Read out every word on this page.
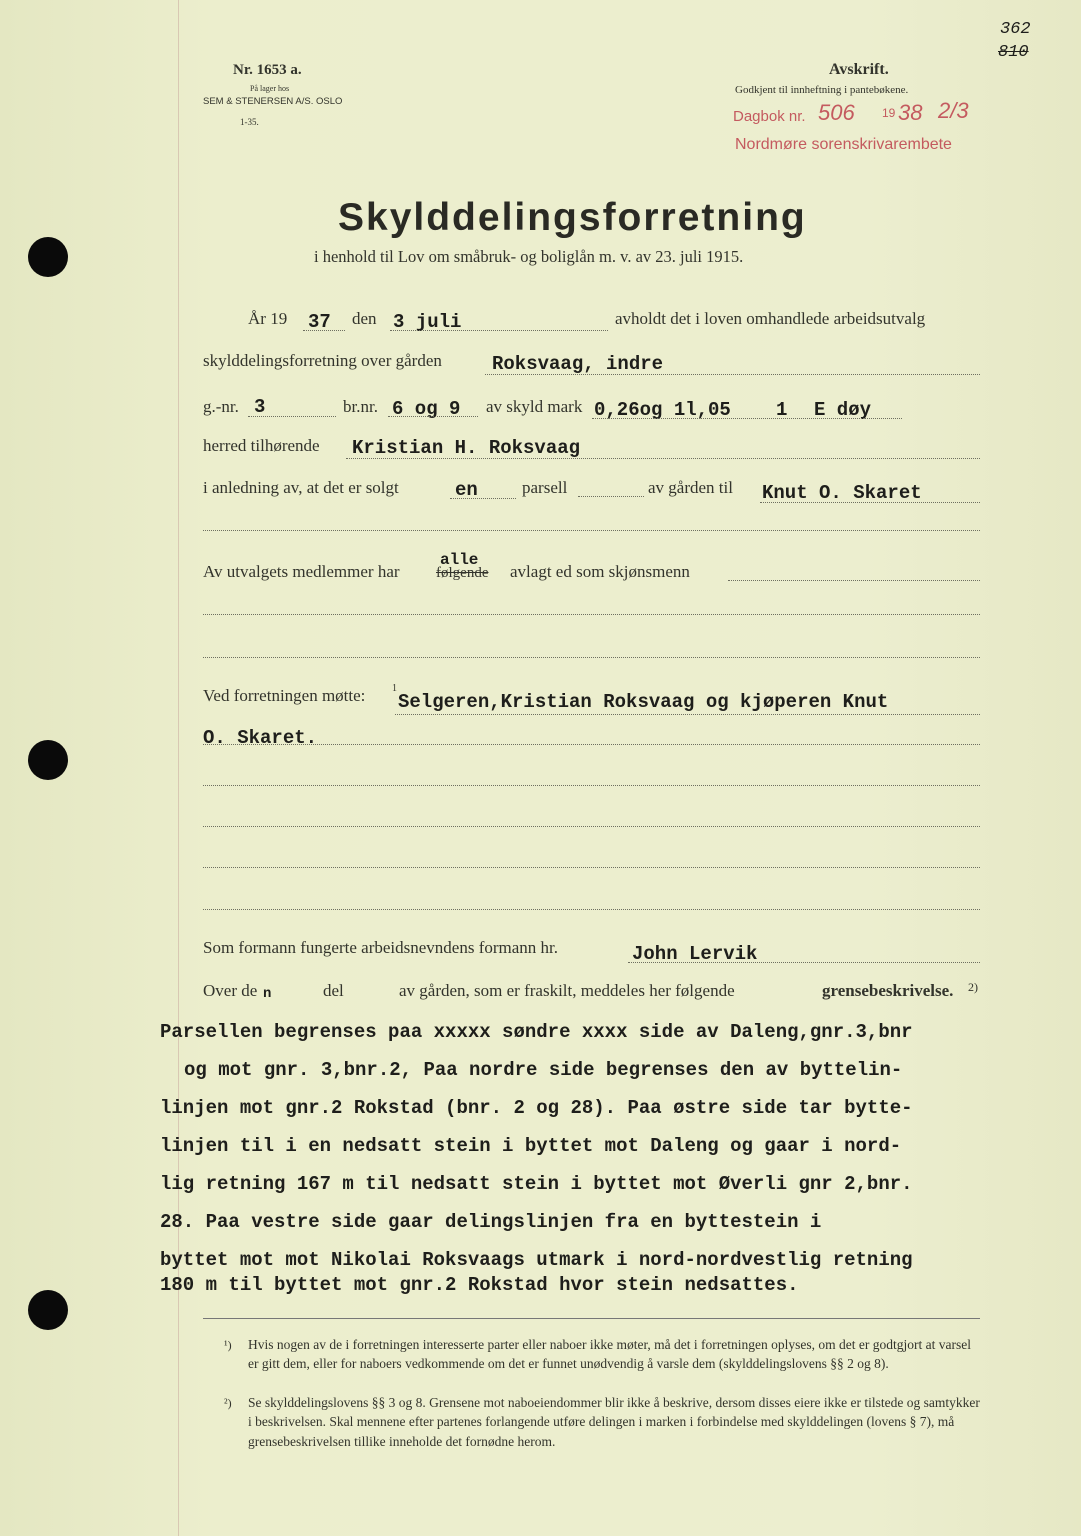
362
810
Nr. 1653 a.
På lager hos
SEM & STENERSEN A/S. OSLO
1-35.
Avskrift.
Godkjent til innheftning i pantebøkene.
Dagbok nr. 506 19 38 2/3
Nordmøre sorenskrivarembete
Skylddelingsforretning
i henhold til Lov om småbruk- og boliglån m. v. av 23. juli 1915.
År 19 37 den 3 juli	avholdt det i loven omhandlede arbeidsutvalg
skylddelingsforretning over gården	Roksvaag, indre
g.-nr. 3	br.nr. 6 og 9 av skyld mark 0,26og 1l,05 1 E døy
herred tilhørende Kristian H. Roksvaag
i anledning av, at det er solgt	en	parsell	av gården til Knut O. Skaret
Av utvalgets medlemmer har
alle
følgende avlagt ed som skjønsmenn
Ved forretningen møtte:	1
Selgeren,Kristian Roksvaag og kjøperen Knut
O. Skaret.
Som formann fungerte arbeidsnevndens formann hr.	John Lervik
Over de n	del	av gården, som er fraskilt, meddeles her følgende	grensebeskrivelse. 2)
Parsellen begrenses paa xxxxx søndre xxxx side av Daleng,gnr.3,bnr
og mot gnr. 3,bnr.2, Paa nordre side begrenses den av byttelin-
linjen mot gnr.2 Rokstad (bnr. 2 og 28). Paa østre side tar bytte-
linjen til i en nedsatt stein i byttet mot Daleng og gaar i nord-
lig retning 167 m til nedsatt stein i byttet mot Øverli gnr 2,bnr.
28. Paa vestre side gaar delingslinjen fra en byttestein i
byttet mot mot Nikolai Roksvaags utmark i nord-nordvestlig retning
180 m til byttet mot gnr.2 Rokstad hvor stein nedsattes.
¹) Hvis nogen av de i forretningen interesserte parter eller naboer ikke møter, må det i forretningen oplyses, om det er godtgjort at varsel er gitt dem, eller for naboers vedkommende om det er funnet unødvendig å varsle dem (skylddelingslovens §§ 2 og 8).
²) Se skylddelingslovens §§ 3 og 8. Grensene mot naboeiendommer blir ikke å beskrive, dersom disses eiere ikke er tilstede og samtykker i beskrivelsen. Skal mennene efter partenes forlangende utføre delingen i marken i forbindelse med skylddelingen (lovens § 7), må grensebeskrivelsen tillike inneholde det fornødne herom.
